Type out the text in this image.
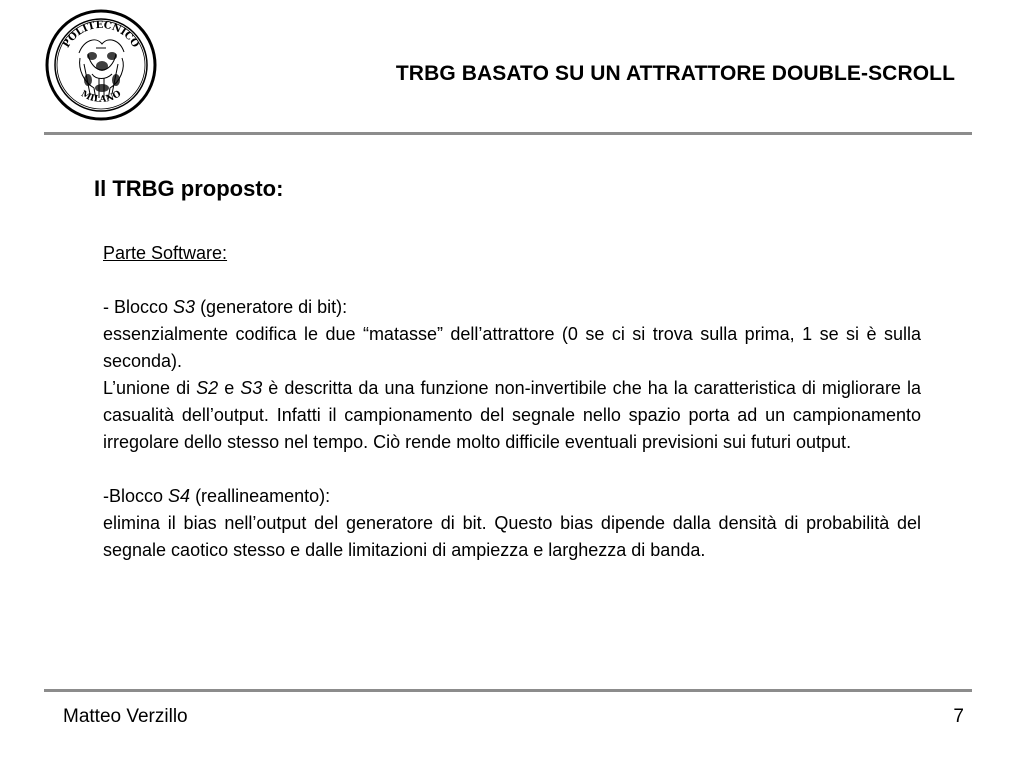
POLITECNICO
MILANO
TRBG BASATO SU UN ATTRATTORE DOUBLE-SCROLL
Il TRBG proposto:

Parte Software:

- Blocco S3 (generatore di bit):

essenzialmente codifica le due “matasse” dell’attrattore (0 se ci si trova sulla prima, 1 se si è sulla seconda).

L’unione di S2 e S3 è descritta da una funzione non-invertibile che ha la caratteristica di migliorare la casualità dell’output. Infatti il campionamento del segnale nello spazio porta ad un campionamento irregolare dello stesso nel tempo. Ciò rende molto difficile eventuali previsioni sui futuri output.

-Blocco S4 (reallineamento):

elimina il bias nell’output del generatore di bit. Questo bias dipende dalla densità di probabilità del segnale caotico stesso e dalle limitazioni di ampiezza e larghezza di banda.

Matteo Verzillo	7
